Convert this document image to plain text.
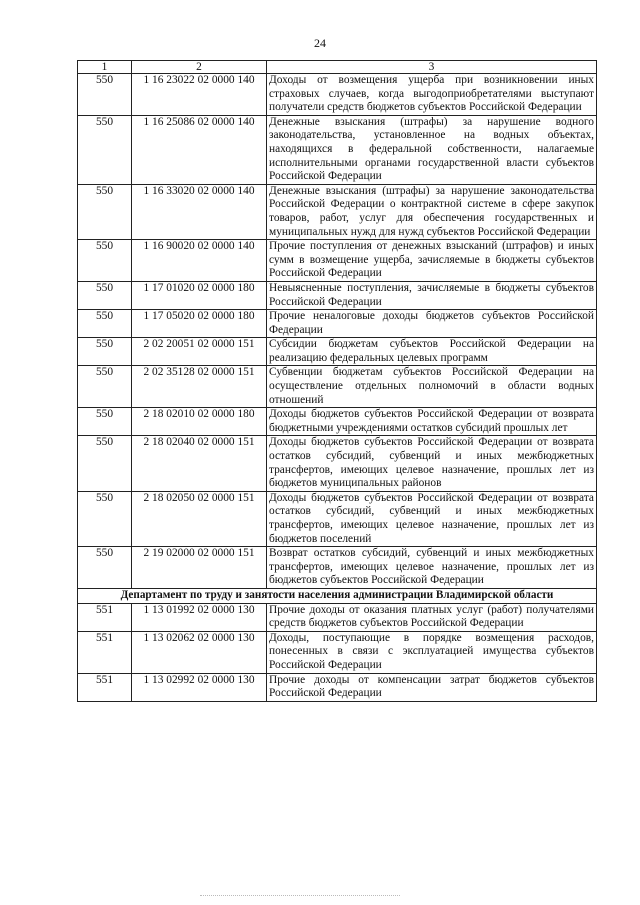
24
1	2	3
550	1 16 23022 02 0000 140	Доходы от возмещения ущерба при возникновении иных страховых случаев, когда выгодоприобретателями выступают получатели средств бюджетов субъектов Российской Федерации
550	1 16 25086 02 0000 140	Денежные взыскания (штрафы) за нарушение водного законодательства, установленное на водных объектах, находящихся в федеральной собственности, налагаемые исполнительными органами государственной власти субъектов Российской Федерации
550	1 16 33020 02 0000 140	Денежные взыскания (штрафы) за нарушение законодательства Российской Федерации о контрактной системе в сфере закупок товаров, работ, услуг для обеспечения государственных и муниципальных нужд для нужд субъектов Российской Федерации
550	1 16 90020 02 0000 140	Прочие поступления от денежных взысканий (штрафов) и иных сумм в возмещение ущерба, зачисляемые в бюджеты субъектов Российской Федерации
550	1 17 01020 02 0000 180	Невыясненные поступления, зачисляемые в бюджеты субъектов Российской Федерации
550	1 17 05020 02 0000 180	Прочие неналоговые доходы бюджетов субъектов Российской Федерации
550	2 02 20051 02 0000 151	Субсидии бюджетам субъектов Российской Федерации на реализацию федеральных целевых программ
550	2 02 35128 02 0000 151	Субвенции бюджетам субъектов Российской Федерации на осуществление отдельных полномочий в области водных отношений
550	2 18 02010 02 0000 180	Доходы бюджетов субъектов Российской Федерации от возврата бюджетными учреждениями остатков субсидий прошлых лет
550	2 18 02040 02 0000 151	Доходы бюджетов субъектов Российской Федерации от возврата остатков субсидий, субвенций и иных межбюджетных трансфертов, имеющих целевое назначение, прошлых лет из бюджетов муниципальных районов
550	2 18 02050 02 0000 151	Доходы бюджетов субъектов Российской Федерации от возврата остатков субсидий, субвенций и иных межбюджетных трансфертов, имеющих целевое назначение, прошлых лет из бюджетов поселений
550	2 19 02000 02 0000 151	Возврат остатков субсидий, субвенций и иных межбюджетных трансфертов, имеющих целевое назначение, прошлых лет из бюджетов субъектов Российской Федерации
Департамент по труду и занятости населения администрации Владимирской области		
551	1 13 01992 02 0000 130	Прочие доходы от оказания платных услуг (работ) получателями средств бюджетов субъектов Российской Федерации
551	1 13 02062 02 0000 130	Доходы, поступающие в порядке возмещения расходов, понесенных в связи с эксплуатацией имущества субъектов Российской Федерации
551	1 13 02992 02 0000 130	Прочие доходы от компенсации затрат бюджетов субъектов Российской Федерации
